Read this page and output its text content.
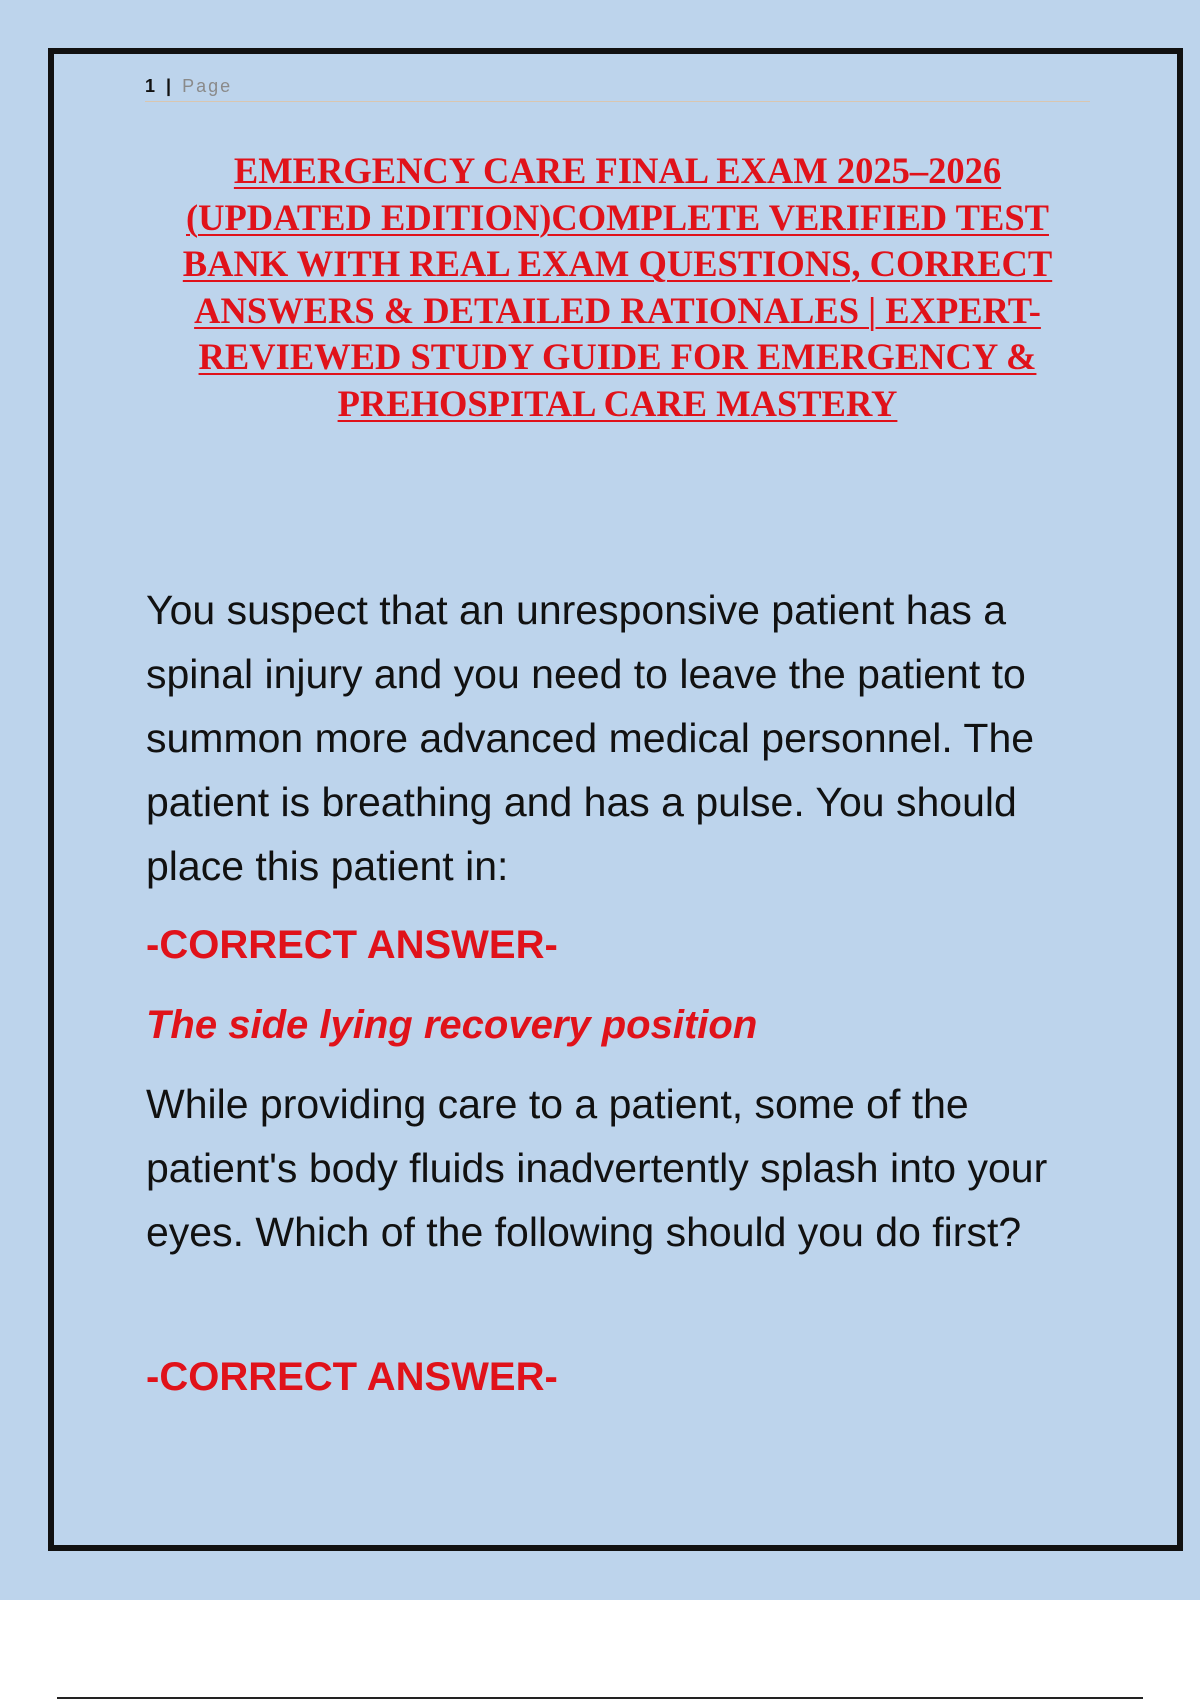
1 | Page
EMERGENCY CARE FINAL EXAM 2025–2026 (UPDATED EDITION)COMPLETE VERIFIED TEST BANK WITH REAL EXAM QUESTIONS, CORRECT ANSWERS & DETAILED RATIONALES | EXPERT-REVIEWED STUDY GUIDE FOR EMERGENCY & PREHOSPITAL CARE MASTERY

You suspect that an unresponsive patient has a spinal injury and you need to leave the patient to summon more advanced medical personnel. The patient is breathing and has a pulse. You should place this patient in:

-CORRECT ANSWER-

The side lying recovery position

While providing care to a patient, some of the patient's body fluids inadvertently splash into your eyes. Which of the following should you do first?

-CORRECT ANSWER-
